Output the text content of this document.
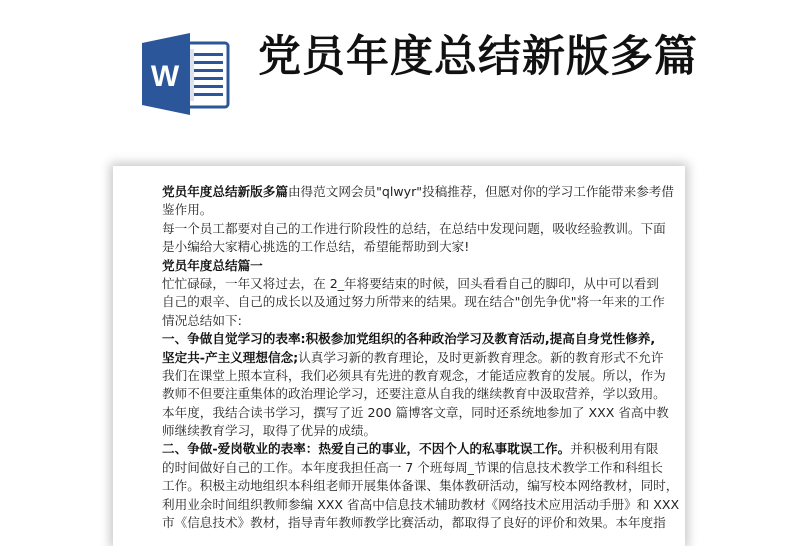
W 党员年度总结新版多篇
党员年度总结新版多篇由得范文网会员"qlwyr"投稿推荐，但愿对你的学习工作能带来参考借
鉴作用。
每一个员工都要对自己的工作进行阶段性的总结，在总结中发现问题，吸收经验教训。下面
是小编给大家精心挑选的工作总结，希望能帮助到大家!
党员年度总结篇一
忙忙碌碌，一年又将过去，在 2_年将要结束的时候，回头看看自己的脚印，从中可以看到
自己的艰辛、自己的成长以及通过努力所带来的结果。现在结合"创先争优"将一年来的工作
情况总结如下:
一、争做自觉学习的表率:积极参加党组织的各种政治学习及教育活动,提高自身党性修养,
坚定共-产主义理想信念;认真学习新的教育理论，及时更新教育理念。新的教育形式不允许
我们在课堂上照本宣科，我们必须具有先进的教育观念，才能适应教育的发展。所以，作为
教师不但要注重集体的政治理论学习，还要注意从自我的继续教育中汲取营养，学以致用。
本年度，我结合读书学习，撰写了近 200 篇博客文章，同时还系统地参加了 XXX 省高中教
师继续教育学习，取得了优异的成绩。
二、争做-爱岗敬业的表率：热爱自己的事业，不因个人的私事耽误工作。并积极利用有限
的时间做好自己的工作。本年度我担任高一 7 个班每周_节课的信息技术教学工作和科组长
工作。积极主动地组织本科组老师开展集体备课、集体教研活动，编写校本网络教材，同时，
利用业余时间组织教师参编 XXX 省高中信息技术辅助教材《网络技术应用活动手册》和 XXX
市《信息技术》教材，指导青年教师教学比赛活动，都取得了良好的评价和效果。本年度指
